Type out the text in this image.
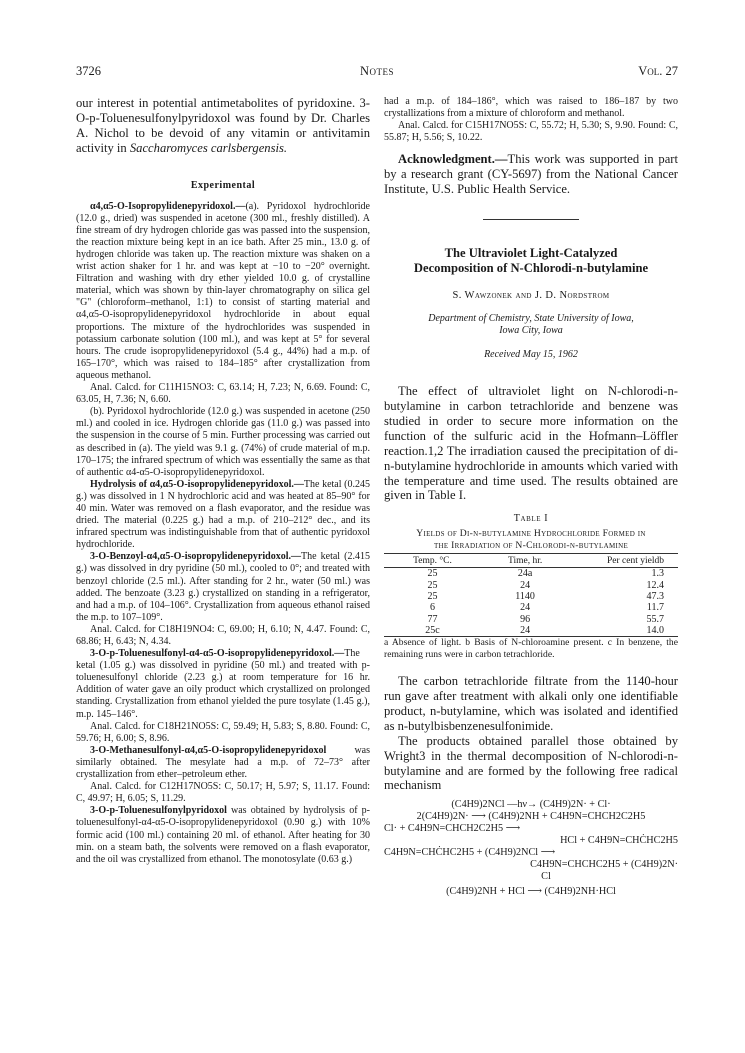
3726	Notes	Vol. 27

our interest in potential antimetabolites of pyridoxine. 3-O-p-Toluenesulfonylpyridoxol was found by Dr. Charles A. Nichol to be devoid of any vitamin or antivitamin activity in Saccharomyces carlsbergensis.

Experimental

α4,α5-O-Isopropylidenepyridoxol.—(a). Pyridoxol hydrochloride (12.0 g., dried) was suspended in acetone (300 ml., freshly distilled). A fine stream of dry hydrogen chloride gas was passed into the suspension, the reaction mixture being kept in an ice bath. After 25 min., 13.0 g. of hydrogen chloride was taken up. The reaction mixture was shaken on a wrist action shaker for 1 hr. and was kept at −10 to −20° overnight. Filtration and washing with dry ether yielded 10.0 g. of crystalline material, which was shown by thin-layer chromatography on silica gel "G" (chloroform–methanol, 1:1) to consist of starting material and α4,α5-O-isopropylidenepyridoxol hydrochloride in about equal proportions. The mixture of the hydrochlorides was suspended in potassium carbonate solution (100 ml.), and was kept at 5° for several hours. The crude isopropylidenepyridoxol (5.4 g., 44%) had a m.p. of 165–170°, which was raised to 184–185° after crystallization from aqueous methanol.

Anal. Calcd. for C11H15NO3: C, 63.14; H, 7.23; N, 6.69. Found: C, 63.05, H, 7.36; N, 6.60.

(b). Pyridoxol hydrochloride (12.0 g.) was suspended in acetone (250 ml.) and cooled in ice. Hydrogen chloride gas (11.0 g.) was passed into the suspension in the course of 5 min. Further processing was carried out as described in (a). The yield was 9.1 g. (74%) of crude material of m.p. 170–175; the infrared spectrum of which was essentially the same as that of authentic α4-α5-O-isopropylidenepyridoxol.

Hydrolysis of α4,α5-O-isopropylidenepyridoxol.—The ketal (0.245 g.) was dissolved in 1 N hydrochloric acid and was heated at 85–90° for 40 min. Water was removed on a flash evaporator, and the residue was dried. The material (0.225 g.) had a m.p. of 210–212° dec., and its infrared spectrum was indistinguishable from that of authentic pyridoxol hydrochloride.

3-O-Benzoyl-α4,α5-O-isopropylidenepyridoxol.—The ketal (2.415 g.) was dissolved in dry pyridine (50 ml.), cooled to 0°; and treated with benzoyl chloride (2.5 ml.). After standing for 2 hr., water (50 ml.) was added. The benzoate (3.23 g.) crystallized on standing in a refrigerator, and had a m.p. of 104–106°. Crystallization from aqueous ethanol raised the m.p. to 107–109°.

Anal. Calcd. for C18H19NO4: C, 69.00; H, 6.10; N, 4.47. Found: C, 68.86; H, 6.43; N, 4.34.

3-O-p-Toluenesulfonyl-α4-α5-O-isopropylidenepyridoxol.—The ketal (1.05 g.) was dissolved in pyridine (50 ml.) and treated with p-toluenesulfonyl chloride (2.23 g.) at room temperature for 16 hr. Addition of water gave an oily product which crystallized on prolonged standing. Crystallization from ethanol yielded the pure tosylate (1.45 g.), m.p. 145–146°.

Anal. Calcd. for C18H21NO5S: C, 59.49; H, 5.83; S, 8.80. Found: C, 59.76; H, 6.00; S, 8.96.

3-O-Methanesulfonyl-α4,α5-O-isopropylidenepyridoxol was similarly obtained. The mesylate had a m.p. of 72–73° after crystallization from ether–petroleum ether.

Anal. Calcd. for C12H17NO5S: C, 50.17; H, 5.97; S, 11.17. Found: C, 49.97; H, 6.05; S, 11.29.

3-O-p-Toluenesulfonylpyridoxol was obtained by hydrolysis of p-toluenesulfonyl-α4-α5-O-isopropylidenepyridoxol (0.90 g.) with 10% formic acid (100 ml.) containing 20 ml. of ethanol. After heating for 30 min. on a steam bath, the solvents were removed on a flash evaporator, and the oil was crystallized from ethanol. The monotosylate (0.63 g.)

had a m.p. of 184–186°, which was raised to 186–187 by two crystallizations from a mixture of chloroform and methanol.

Anal. Calcd. for C15H17NO5S: C, 55.72; H, 5.30; S, 9.90. Found: C, 55.87; H, 5.56; S, 10.22.

Acknowledgment.—This work was supported in part by a research grant (CY-5697) from the National Cancer Institute, U.S. Public Health Service.

The Ultraviolet Light-Catalyzed
Decomposition of N-Chlorodi-n-butylamine
S. Wawzonek and J. D. Nordstrom
Department of Chemistry, State University of Iowa,
Iowa City, Iowa
Received May 15, 1962

The effect of ultraviolet light on N-chlorodi-n-butylamine in carbon tetrachloride and benzene was studied in order to secure more information on the function of the sulfuric acid in the Hofmann–Löffler reaction.1,2 The irradiation caused the precipitation of di-n-butylamine hydrochloride in amounts which varied with the temperature and time used. The results obtained are given in Table I.

Table I
Yields of Di-n-butylamine Hydrochloride Formed in
the Irradiation of N-Chlorodi-n-butylamine
Temp. °C.	Time, hr.	Per cent yieldb
25	24a	1.3
25	24	12.4
25	1140	47.3
6	24	11.7
77	96	55.7
25c	24	14.0

a Absence of light. b Basis of N-chloroamine present. c In benzene, the remaining runs were in carbon tetrachloride.

The carbon tetrachloride filtrate from the 1140-hour run gave after treatment with alkali only one identifiable product, n-butylamine, which was isolated and identified as n-butylbisbenzenesulfonimide.

The products obtained parallel those obtained by Wright3 in the thermal decomposition of N-chlorodi-n-butylamine and are formed by the following free radical mechanism

(C4H9)2NCl —hν→ (C4H9)2N· + Cl·
2(C4H9)2N· ⟶ (C4H9)2NH + C4H9N=CHCH2C2H5
Cl· + C4H9N=CHCH2C2H5 ⟶
HCl + C4H9N=CHĊHC2H5
C4H9N=CHĊHC2H5 + (C4H9)2NCl ⟶
C4H9N=CHCHC2H5 + (C4H9)2N·
Cl
(C4H9)2NH + HCl ⟶ (C4H9)2NH·HCl
